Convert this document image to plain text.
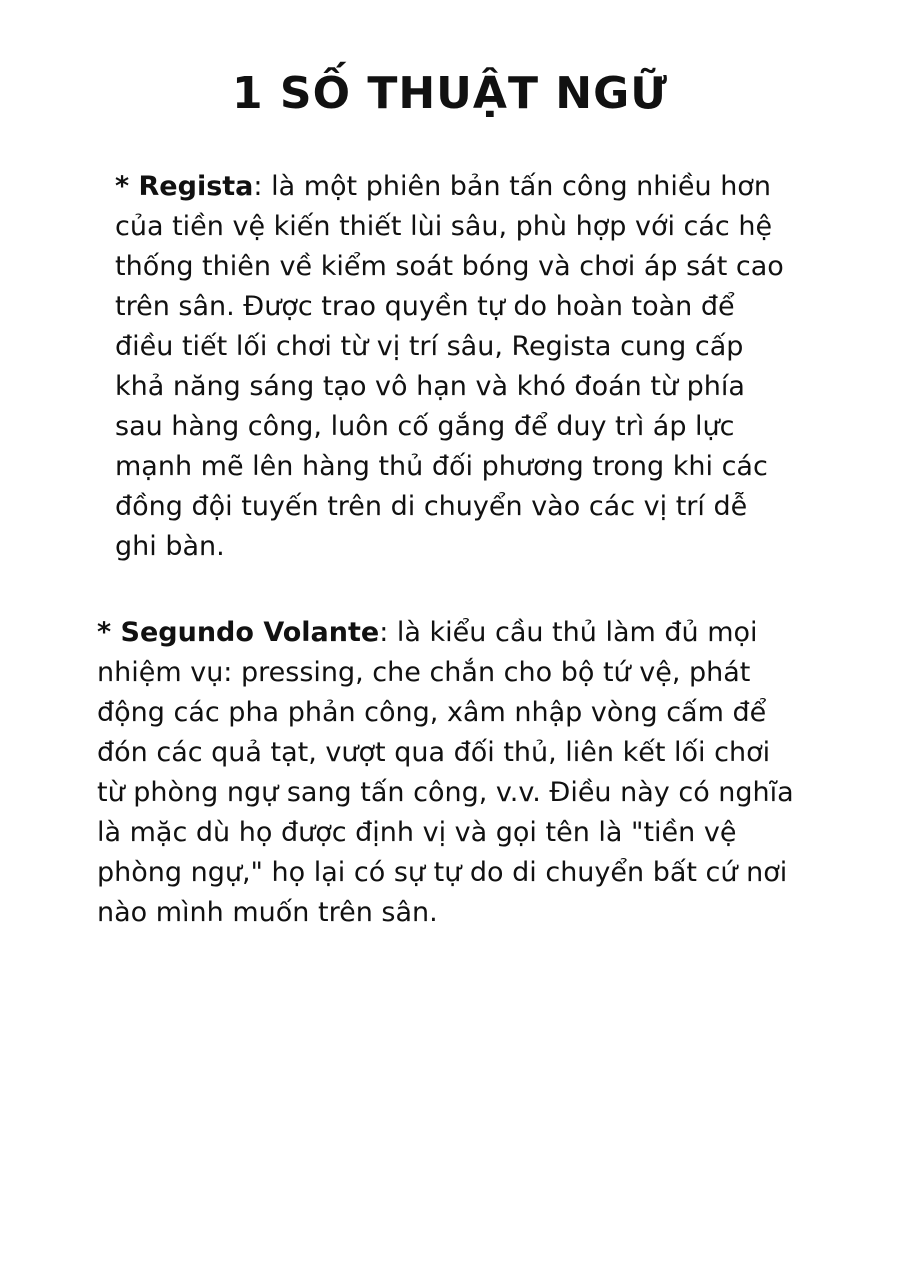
1 SỐ THUẬT NGỮ

* Regista: là một phiên bản tấn công nhiều hơn của tiền vệ kiến thiết lùi sâu, phù hợp với các hệ thống thiên về kiểm soát bóng và chơi áp sát cao trên sân. Được trao quyền tự do hoàn toàn để điều tiết lối chơi từ vị trí sâu, Regista cung cấp khả năng sáng tạo vô hạn và khó đoán từ phía sau hàng công, luôn cố gắng để duy trì áp lực mạnh mẽ lên hàng thủ đối phương trong khi các đồng đội tuyến trên di chuyển vào các vị trí dễ ghi bàn.

* Segundo Volante: là kiểu cầu thủ làm đủ mọi nhiệm vụ: pressing, che chắn cho bộ tứ vệ, phát động các pha phản công, xâm nhập vòng cấm để đón các quả tạt, vượt qua đối thủ, liên kết lối chơi từ phòng ngự sang tấn công, v.v. Điều này có nghĩa là mặc dù họ được định vị và gọi tên là "tiền vệ phòng ngự," họ lại có sự tự do di chuyển bất cứ nơi nào mình muốn trên sân.
